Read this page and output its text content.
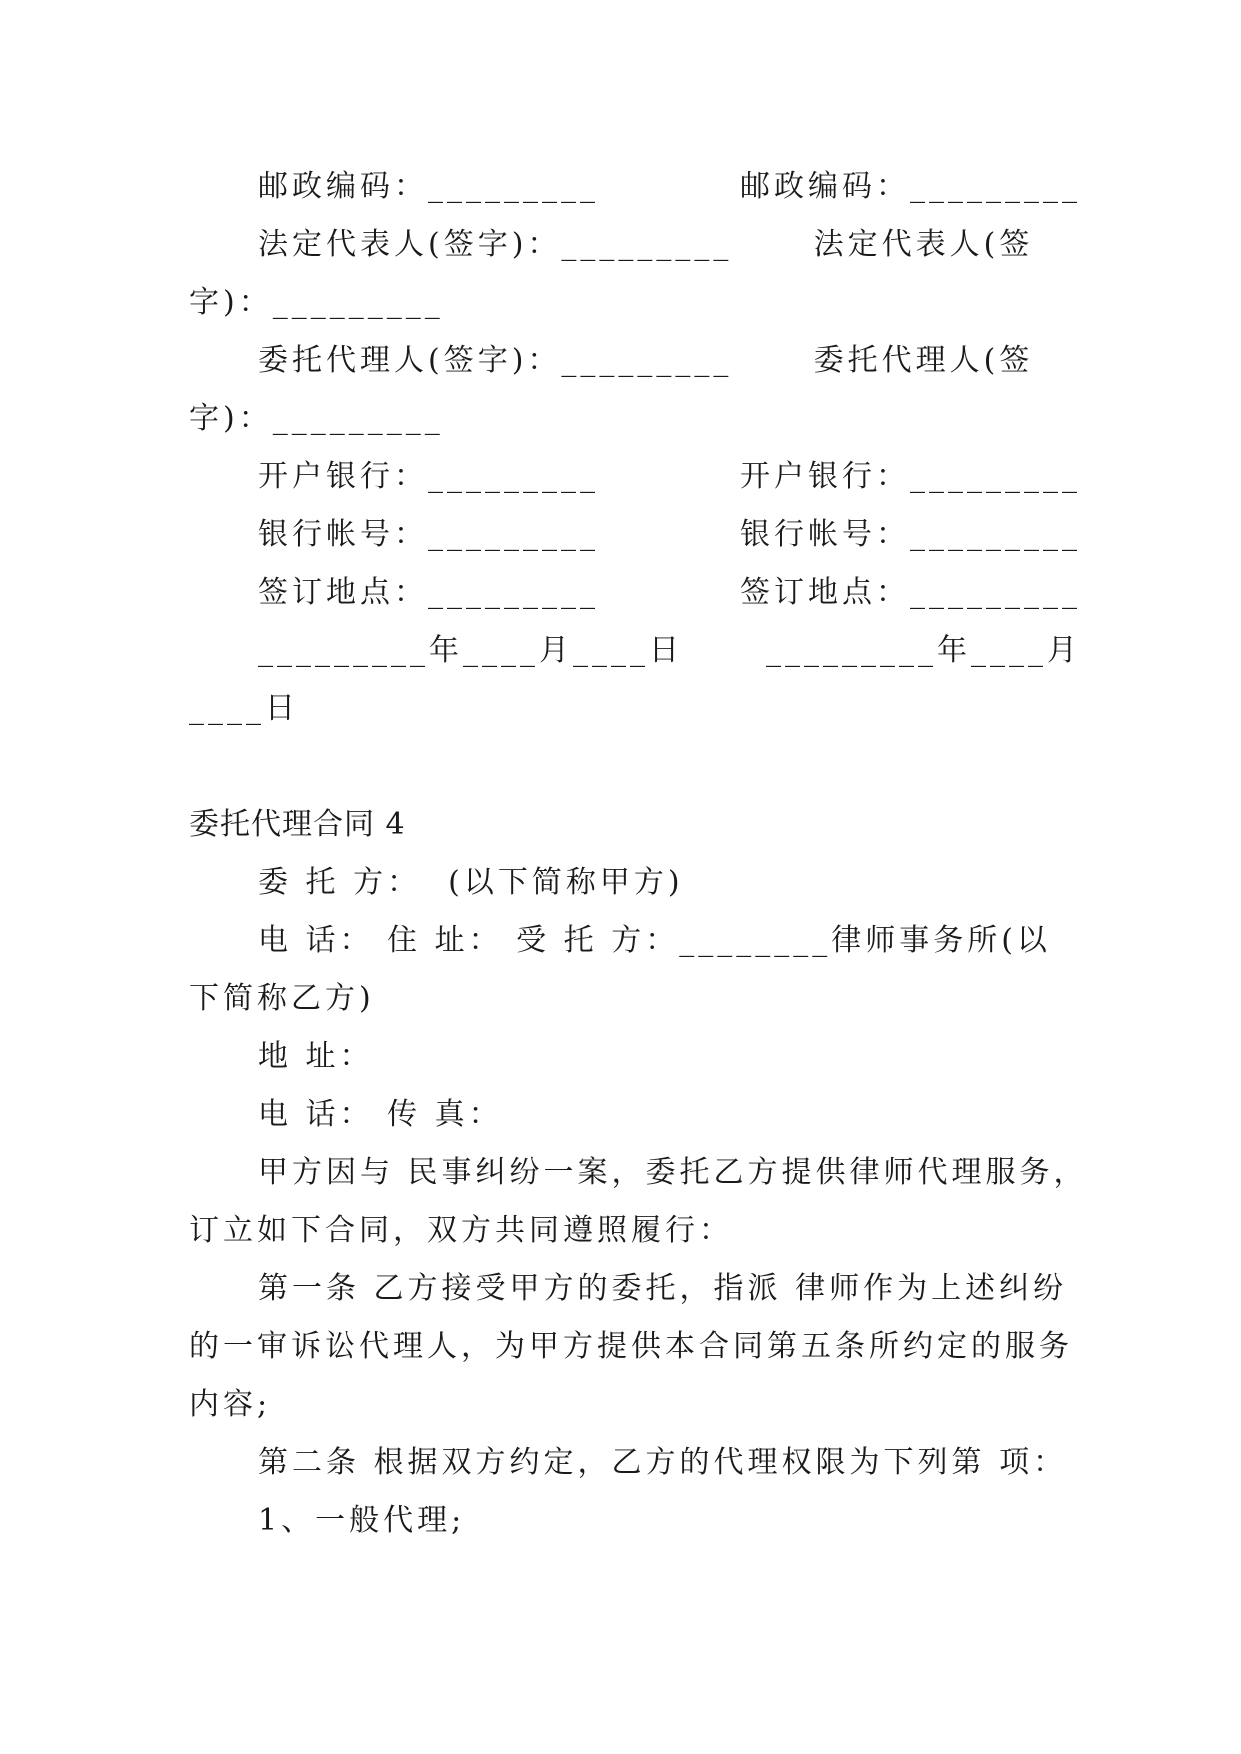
邮政编码：_________	邮政编码：_________
法定代表人(签字)：_________      法定代表人(签
字)：_________
委托代理人(签字)：_________      委托代理人(签
字)：_________
开户银行：_________	开户银行：_________
银行帐号：_________	银行帐号：_________
签订地点：_________	签订地点：_________
_________年____月____日	_________年____月
____日
委托代理合同 4
委 托 方：  (以下简称甲方)
电 话： 住 址： 受 托 方：________律师事务所(以
下简称乙方)
地 址：
电 话： 传 真：
甲方因与 民事纠纷一案，委托乙方提供律师代理服务，
订立如下合同，双方共同遵照履行：
第一条 乙方接受甲方的委托，指派 律师作为上述纠纷
的一审诉讼代理人，为甲方提供本合同第五条所约定的服务
内容;
第二条 根据双方约定，乙方的代理权限为下列第 项：
1、一般代理;
